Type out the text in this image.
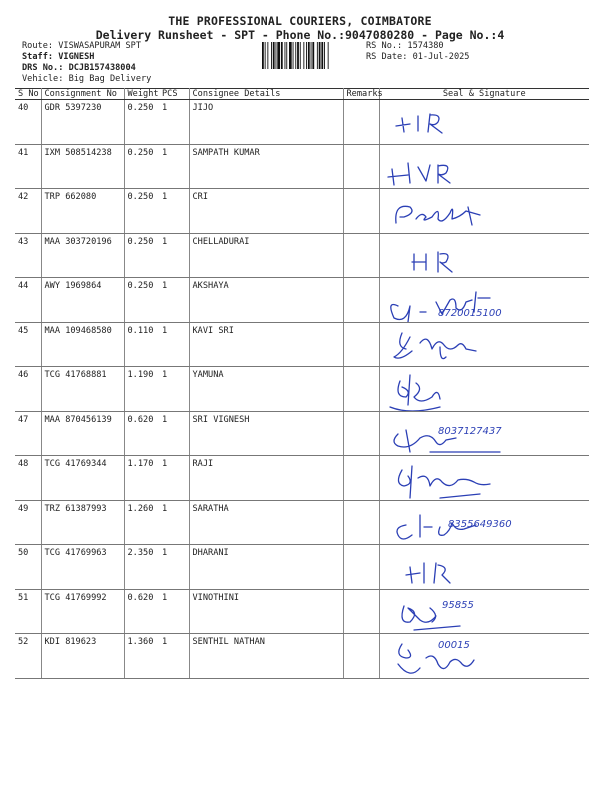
THE PROFESSIONAL COURIERS, COIMBATORE
Delivery Runsheet - SPT - Phone No.:9047080280 - Page No.:4
Route: VISWASAPURAM SPT
Staff: VIGNESH
DRS No.: DCJB157438004
Vehicle: Big Bag Delivery
RS No.: 1574380
RS Date: 01-Jul-2025
S No	Consignment No	Weight	PCS	Consignee Details	Remarks	Seal & Signature
40	GDR 5397230	0.250	1	JIJO		

41	IXM 508514238	0.250	1	SAMPATH KUMAR		

42	TRP 662080	0.250	1	CRI		

43	MAA 303720196	0.250	1	CHELLADURAI		

44	AWY 1969864	0.250	1	AKSHAYA		8720015100

45	MAA 109468580	0.110	1	KAVI SRI		

46	TCG 41768881	1.190	1	YAMUNA		

47	MAA 870456139	0.620	1	SRI VIGNESH		8037127437

48	TCG 41769344	1.170	1	RAJI		

49	TRZ 61387993	1.260	1	SARATHA		8355649360

50	TCG 41769963	2.350	1	DHARANI		

51	TCG 41769992	0.620	1	VINOTHINI		95855

52	KDI 819623	1.360	1	SENTHIL NATHAN		00015
